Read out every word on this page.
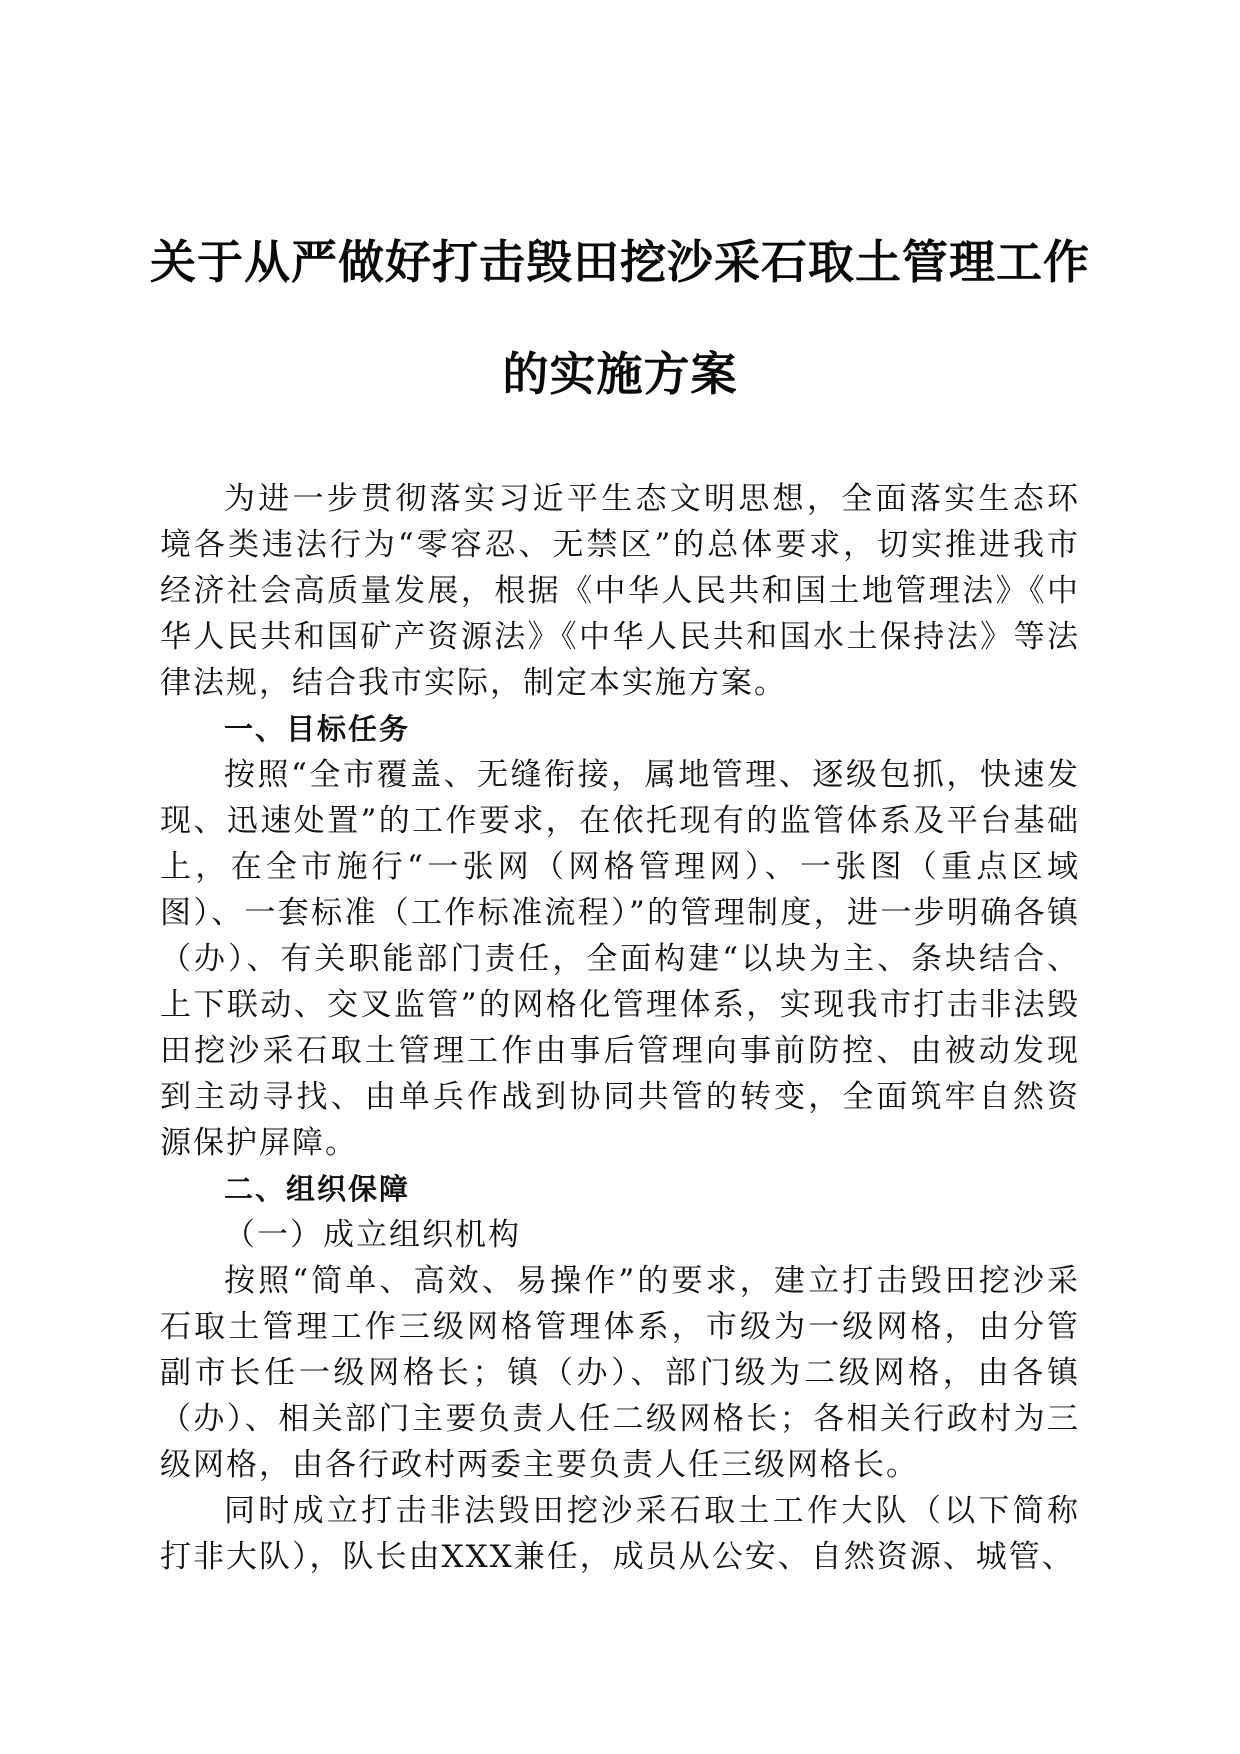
关于从严做好打击毁田挖沙采石取土管理工作
的实施方案

为进一步贯彻落实习近平生态文明思想，全面落实生态环境各类违法行为“零容忍、无禁区”的总体要求，切实推进我市经济社会高质量发展，根据《中华人民共和国土地管理法》《中华人民共和国矿产资源法》《中华人民共和国水土保持法》等法律法规，结合我市实际，制定本实施方案。

一、目标任务

按照“全市覆盖、无缝衔接，属地管理、逐级包抓，快速发现、迅速处置”的工作要求，在依托现有的监管体系及平台基础上，在全市施行“一张网（网格管理网）、一张图（重点区域图）、一套标准（工作标准流程）”的管理制度，进一步明确各镇（办）、有关职能部门责任，全面构建“以块为主、条块结合、上下联动、交叉监管”的网格化管理体系，实现我市打击非法毁田挖沙采石取土管理工作由事后管理向事前防控、由被动发现到主动寻找、由单兵作战到协同共管的转变，全面筑牢自然资源保护屏障。

二、组织保障

（一）成立组织机构

按照“简单、高效、易操作”的要求，建立打击毁田挖沙采石取土管理工作三级网格管理体系，市级为一级网格，由分管副市长任一级网格长；镇（办）、部门级为二级网格，由各镇（办）、相关部门主要负责人任二级网格长；各相关行政村为三级网格，由各行政村两委主要负责人任三级网格长。

同时成立打击非法毁田挖沙采石取土工作大队（以下简称打非大队），队长由XXX兼任，成员从公安、自然资源、城管、
